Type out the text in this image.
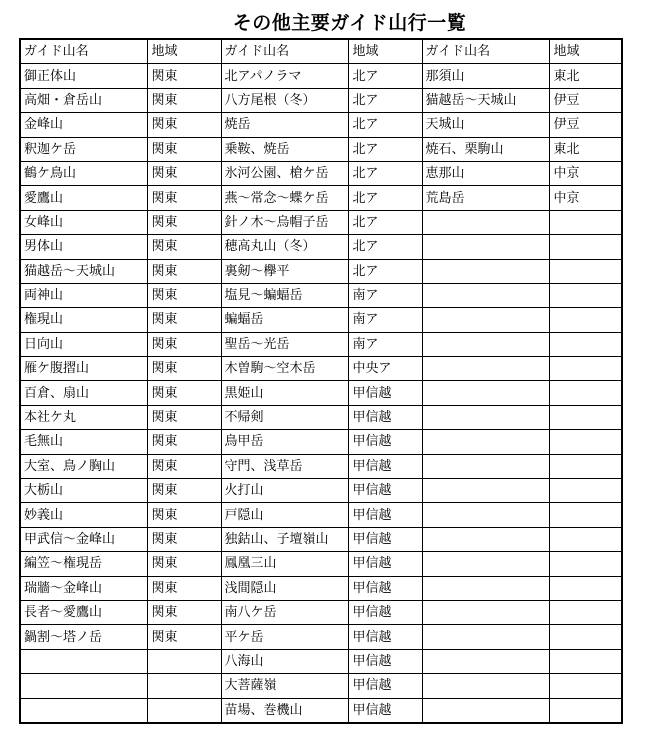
その他主要ガイド山行一覧
ガイド山名	地域	ガイド山名	地域	ガイド山名	地域
御正体山	関東	北アパノラマ	北ア	那須山	東北
高畑・倉岳山	関東	八方尾根（冬）	北ア	猫越岳～天城山	伊豆
金峰山	関東	焼岳	北ア	天城山	伊豆
釈迦ケ岳	関東	乗鞍、焼岳	北ア	焼石、栗駒山	東北
鶴ケ鳥山	関東	氷河公園、槍ケ岳	北ア	恵那山	中京
愛鷹山	関東	燕～常念～蝶ケ岳	北ア	荒島岳	中京
女峰山	関東	針ノ木～烏帽子岳	北ア		
男体山	関東	穂高丸山（冬）	北ア		
猫越岳～天城山	関東	裏剱～欅平	北ア		
両神山	関東	塩見～蝙蝠岳	南ア		
権現山	関東	蝙蝠岳	南ア		
日向山	関東	聖岳～光岳	南ア		
雁ケ腹摺山	関東	木曽駒～空木岳	中央ア		
百倉、扇山	関東	黒姫山	甲信越		
本社ケ丸	関東	不帰剣	甲信越		
毛無山	関東	鳥甲岳	甲信越		
大室、鳥ノ胸山	関東	守門、浅草岳	甲信越		
大栃山	関東	火打山	甲信越		
妙義山	関東	戸隠山	甲信越		
甲武信～金峰山	関東	独鈷山、子壇嶺山	甲信越		
編笠～権現岳	関東	鳳凰三山	甲信越		
瑞牆～金峰山	関東	浅間隠山	甲信越		
長者～愛鷹山	関東	南八ケ岳	甲信越		
鍋割～塔ノ岳	関東	平ケ岳	甲信越		
		八海山	甲信越		
		大菩薩嶺	甲信越		
		苗場、巻機山	甲信越		
